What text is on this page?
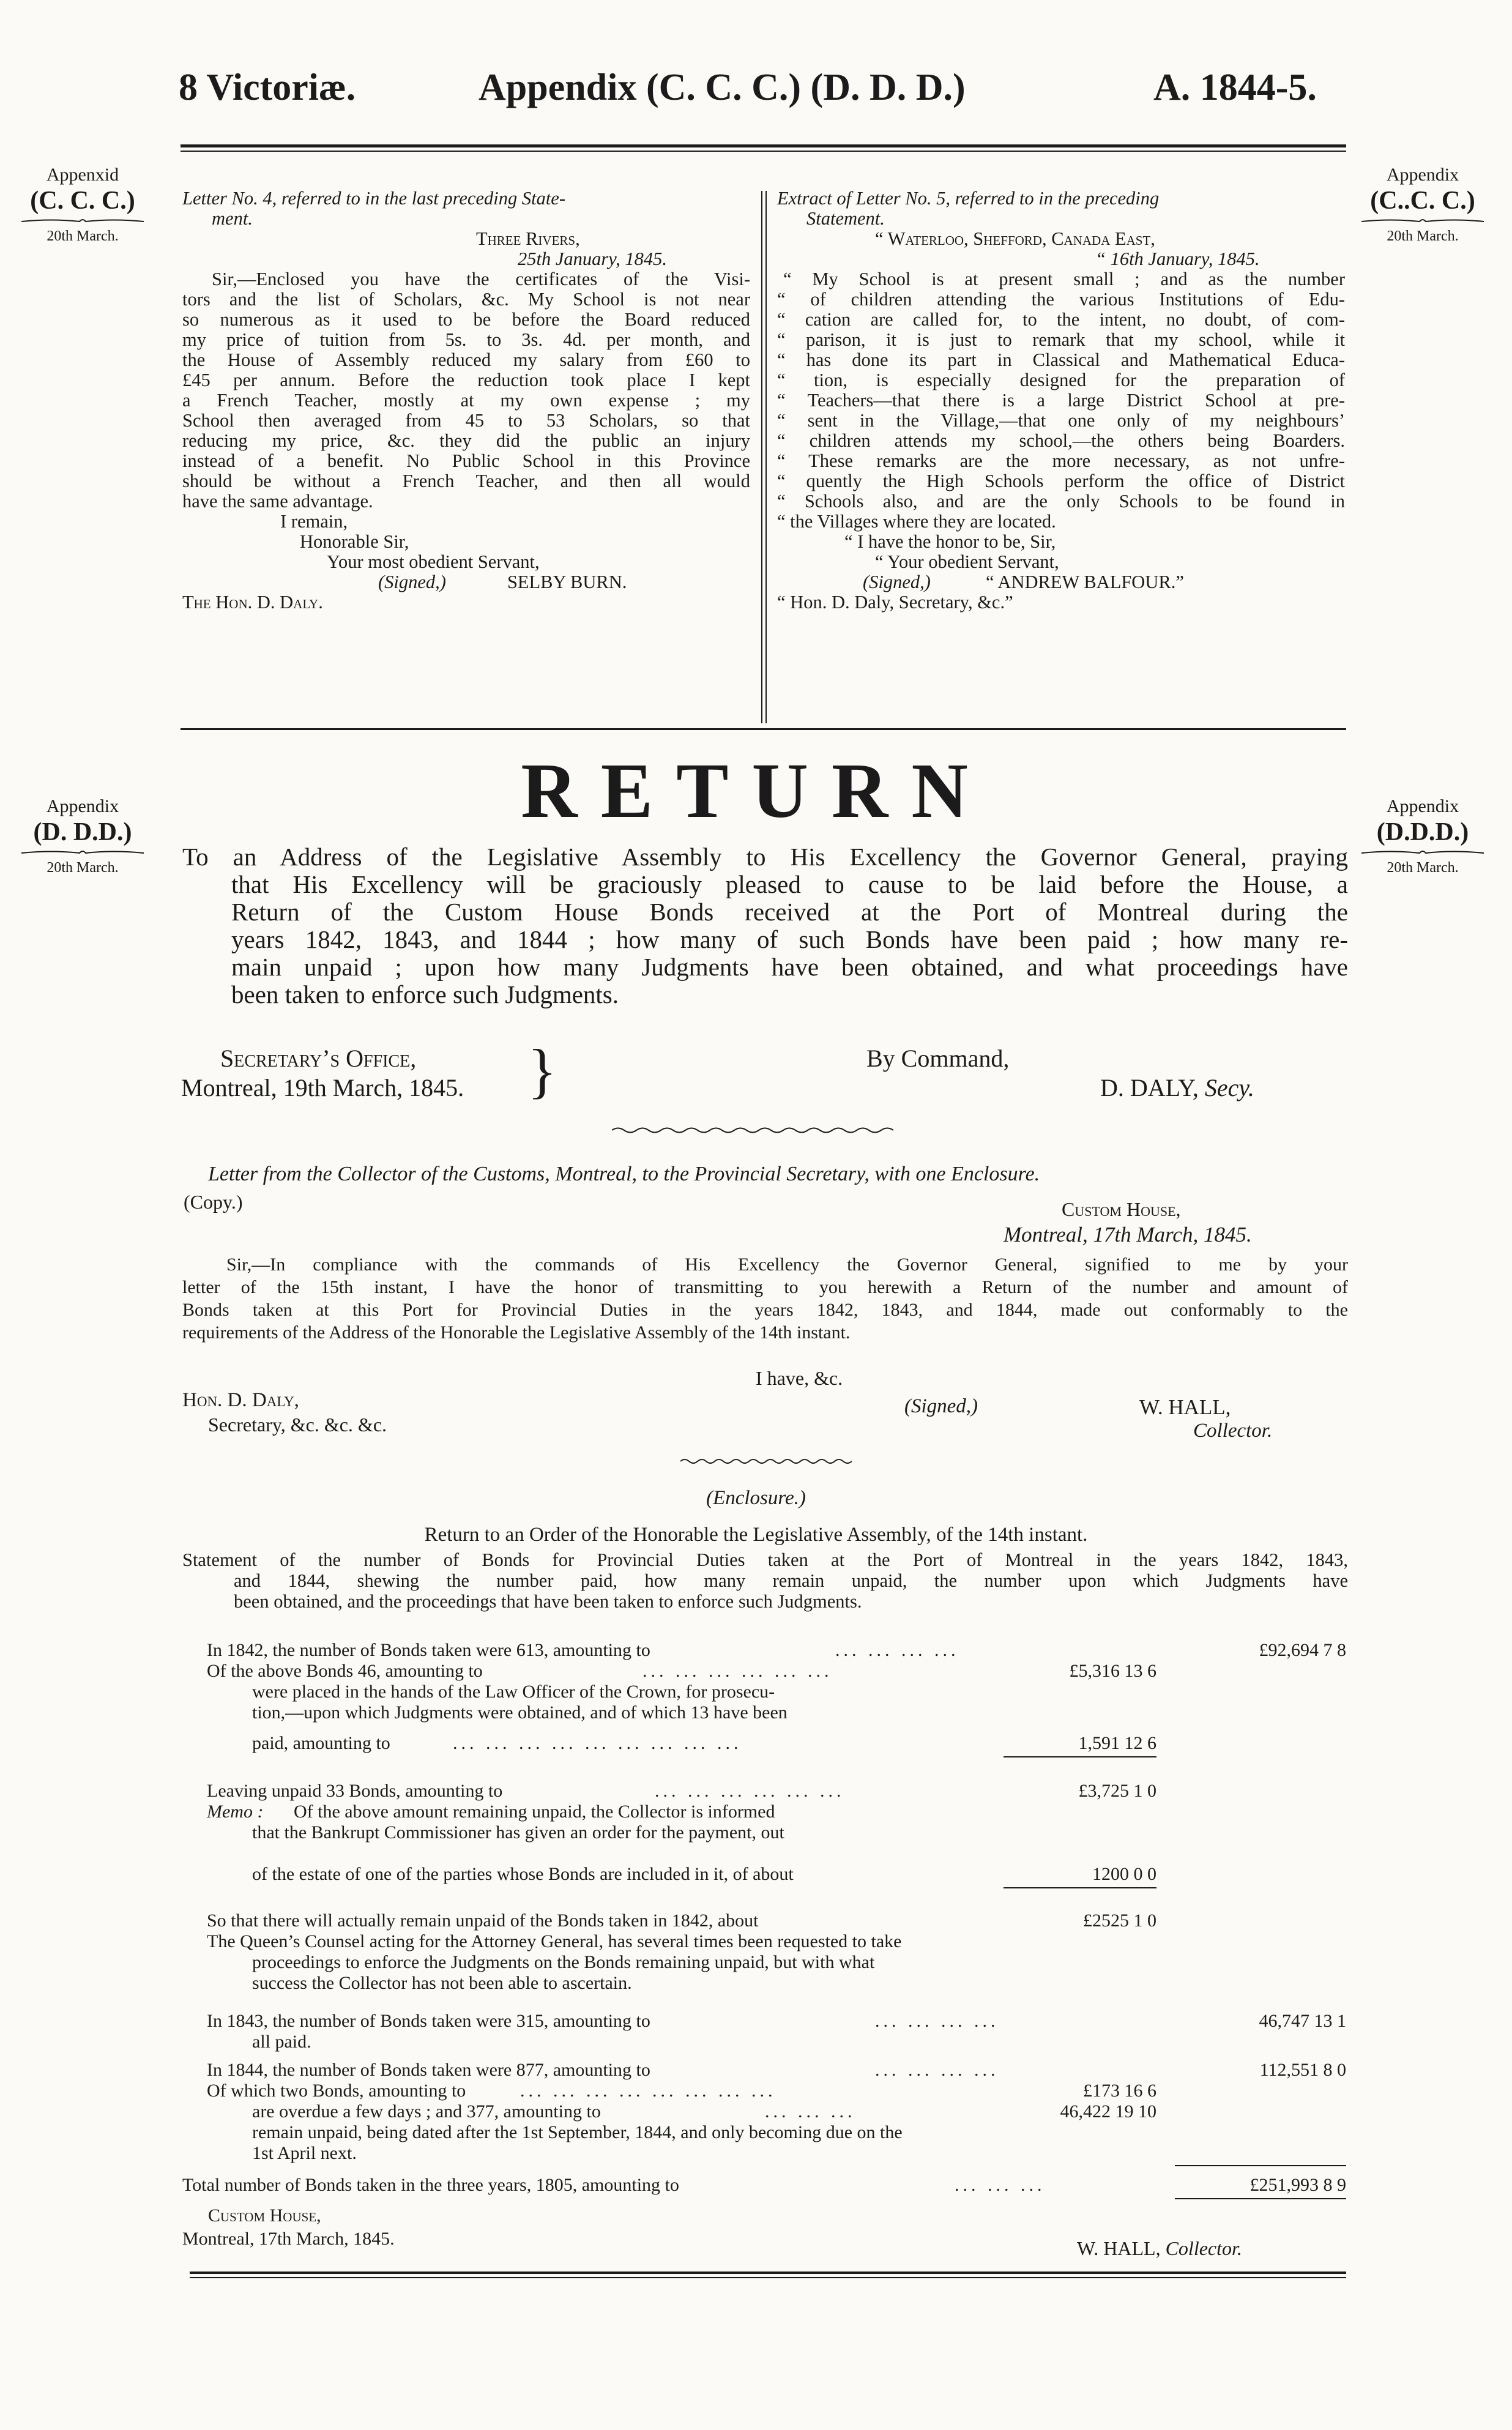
8 Victoriæ.	Appendix (C. C. C.) (D. D. D.)	A. 1844-5.
Appenxid
(C. C. C.)
20th March.
Appendix
(C..C. C.)
20th March.
Appendix
(D. D.D.)
20th March.
Appendix
(D.D.D.)
20th March.

Letter No. 4, referred to in the last preceding State-

ment.

Three Rivers,

25th January, 1845.

Sir,—Enclosed you have the certificates of the Visi-

tors and the list of Scholars, &c. My School is not near

so numerous as it used to be before the Board reduced

my price of tuition from 5s. to 3s. 4d. per month, and

the House of Assembly reduced my salary from £60 to

£45 per annum. Before the reduction took place I kept

a French Teacher, mostly at my own expense ; my

School then averaged from 45 to 53 Scholars, so that

reducing my price, &c. they did the public an injury

instead of a benefit. No Public School in this Province

should be without a French Teacher, and then all would

have the same advantage.

I remain,

Honorable Sir,

Your most obedient Servant,

(Signed,)	SELBY BURN.

The Hon. D. Daly.

Extract of Letter No. 5, referred to in the preceding

Statement.

“ Waterloo, Shefford, Canada East,

“ 16th January, 1845.

“ My School is at present small ; and as the number

“ of children attending the various Institutions of Edu-

“ cation are called for, to the intent, no doubt, of com-

“ parison, it is just to remark that my school, while it

“ has done its part in Classical and Mathematical Educa-

“ tion, is especially designed for the preparation of

“ Teachers—that there is a large District School at pre-

“ sent in the Village,—that one only of my neighbours’

“ children attends my school,—the others being Boarders.

“ These remarks are the more necessary, as not unfre-

“ quently the High Schools perform the office of District

“ Schools also, and are the only Schools to be found in

“ the Villages where they are located.

“ I have the honor to be, Sir,

“ Your obedient Servant,

(Signed,)	“ ANDREW BALFOUR.”

“ Hon. D. Daly, Secretary, &c.”

RETURN

To an Address of the Legislative Assembly to His Excellency the Governor General, praying

that His Excellency will be graciously pleased to cause to be laid before the House, a

Return of the Custom House Bonds received at the Port of Montreal during the

years 1842, 1843, and 1844 ; how many of such Bonds have been paid ; how many re-

main unpaid ; upon how many Judgments have been obtained, and what proceedings have

been taken to enforce such Judgments.

Secretary’s Office,
Montreal, 19th March, 1845. }	By Command,
D. DALY, Secy.
Letter from the Collector of the Customs, Montreal, to the Provincial Secretary, with one Enclosure.
(Copy.)	Custom House,
Montreal, 17th March, 1845.

Sir,—In compliance with the commands of His Excellency the Governor General, signified to me by your

letter of the 15th instant, I have the honor of transmitting to you herewith a Return of the number and amount of

Bonds taken at this Port for Provincial Duties in the years 1842, 1843, and 1844, made out conformably to the

requirements of the Address of the Honorable the Legislative Assembly of the 14th instant.

I have, &c.
Hon. D. Daly,
Secretary, &c. &c. &c.
(Signed,)	W. HALL,
Collector.
(Enclosure.)
Return to an Order of the Honorable the Legislative Assembly, of the 14th instant.

Statement of the number of Bonds for Provincial Duties taken at the Port of Montreal in the years 1842, 1843,

and 1844, shewing the number paid, how many remain unpaid, the number upon which Judgments have

been obtained, and the proceedings that have been taken to enforce such Judgments.

In 1842, the number of Bonds taken were 613, amounting to	... ... ... ...	£92,694 7 8
Of the above Bonds 46, amounting to	... ... ... ... ... ...	£5,316 13 6
were placed in the hands of the Law Officer of the Crown, for prosecu-
tion,—upon which Judgments were obtained, and of which 13 have been
paid, amounting to	... ... ... ... ... ... ... ... ...	1,591 12 6
Leaving unpaid 33 Bonds, amounting to	... ... ... ... ... ...	£3,725 1 0
Memo : Of the above amount remaining unpaid, the Collector is informed
that the Bankrupt Commissioner has given an order for the payment, out
of the estate of one of the parties whose Bonds are included in it, of about	1200 0 0
So that there will actually remain unpaid of the Bonds taken in 1842, about	£2525 1 0
The Queen’s Counsel acting for the Attorney General, has several times been requested to take
proceedings to enforce the Judgments on the Bonds remaining unpaid, but with what
success the Collector has not been able to ascertain.
In 1843, the number of Bonds taken were 315, amounting to	... ... ... ...	46,747 13 1
all paid.
In 1844, the number of Bonds taken were 877, amounting to	... ... ... ...	112,551 8 0
Of which two Bonds, amounting to	... ... ... ... ... ... ... ...	£173 16 6
are overdue a few days ; and 377, amounting to	... ... ...	46,422 19 10
remain unpaid, being dated after the 1st September, 1844, and only becoming due on the
1st April next.
Total number of Bonds taken in the three years, 1805, amounting to	... ... ...	£251,993 8 9
Custom House,
Montreal, 17th March, 1845.	W. HALL, Collector.
